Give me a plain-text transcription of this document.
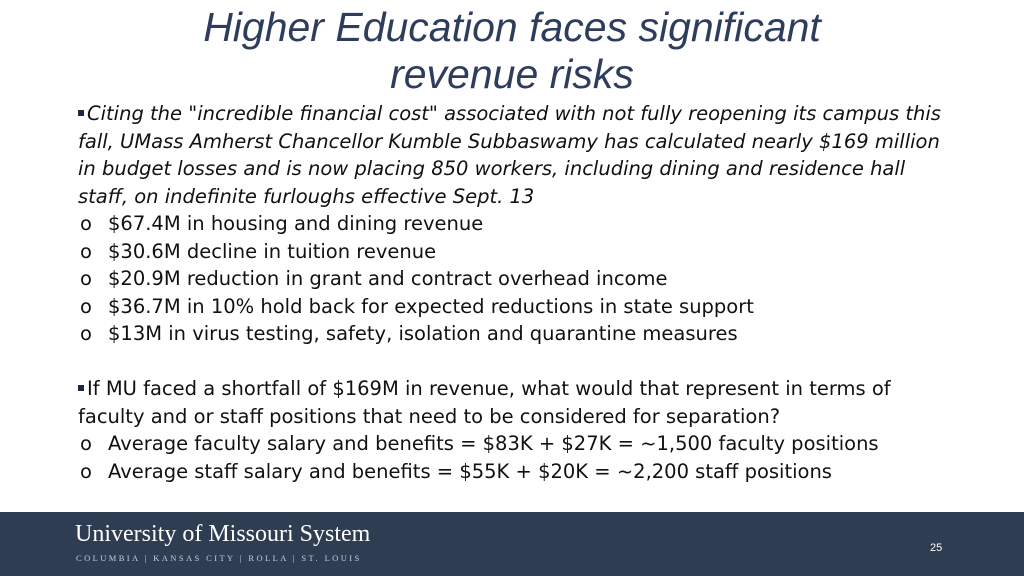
Higher Education faces significant
revenue risks

Citing the "incredible financial cost" associated with not fully reopening its campus this fall, UMass Amherst Chancellor Kumble Subbaswamy has calculated nearly $169 million in budget losses and is now placing 850 workers, including dining and residence hall staff, on indefinite furloughs effective Sept. 13

o $67.4M in housing and dining revenue
o $30.6M decline in tuition revenue
o $20.9M reduction in grant and contract overhead income
o $36.7M in 10% hold back for expected reductions in state support
o $13M in virus testing, safety, isolation and quarantine measures

If MU faced a shortfall of $169M in revenue, what would that represent in terms of faculty and or staff positions that need to be considered for separation?

o Average faculty salary and benefits = $83K + $27K = ~1,500 faculty positions
o Average staff salary and benefits = $55K + $20K = ~2,200 staff positions
University of Missouri System
COLUMBIA | KANSAS CITY | ROLLA | ST. LOUIS
25
